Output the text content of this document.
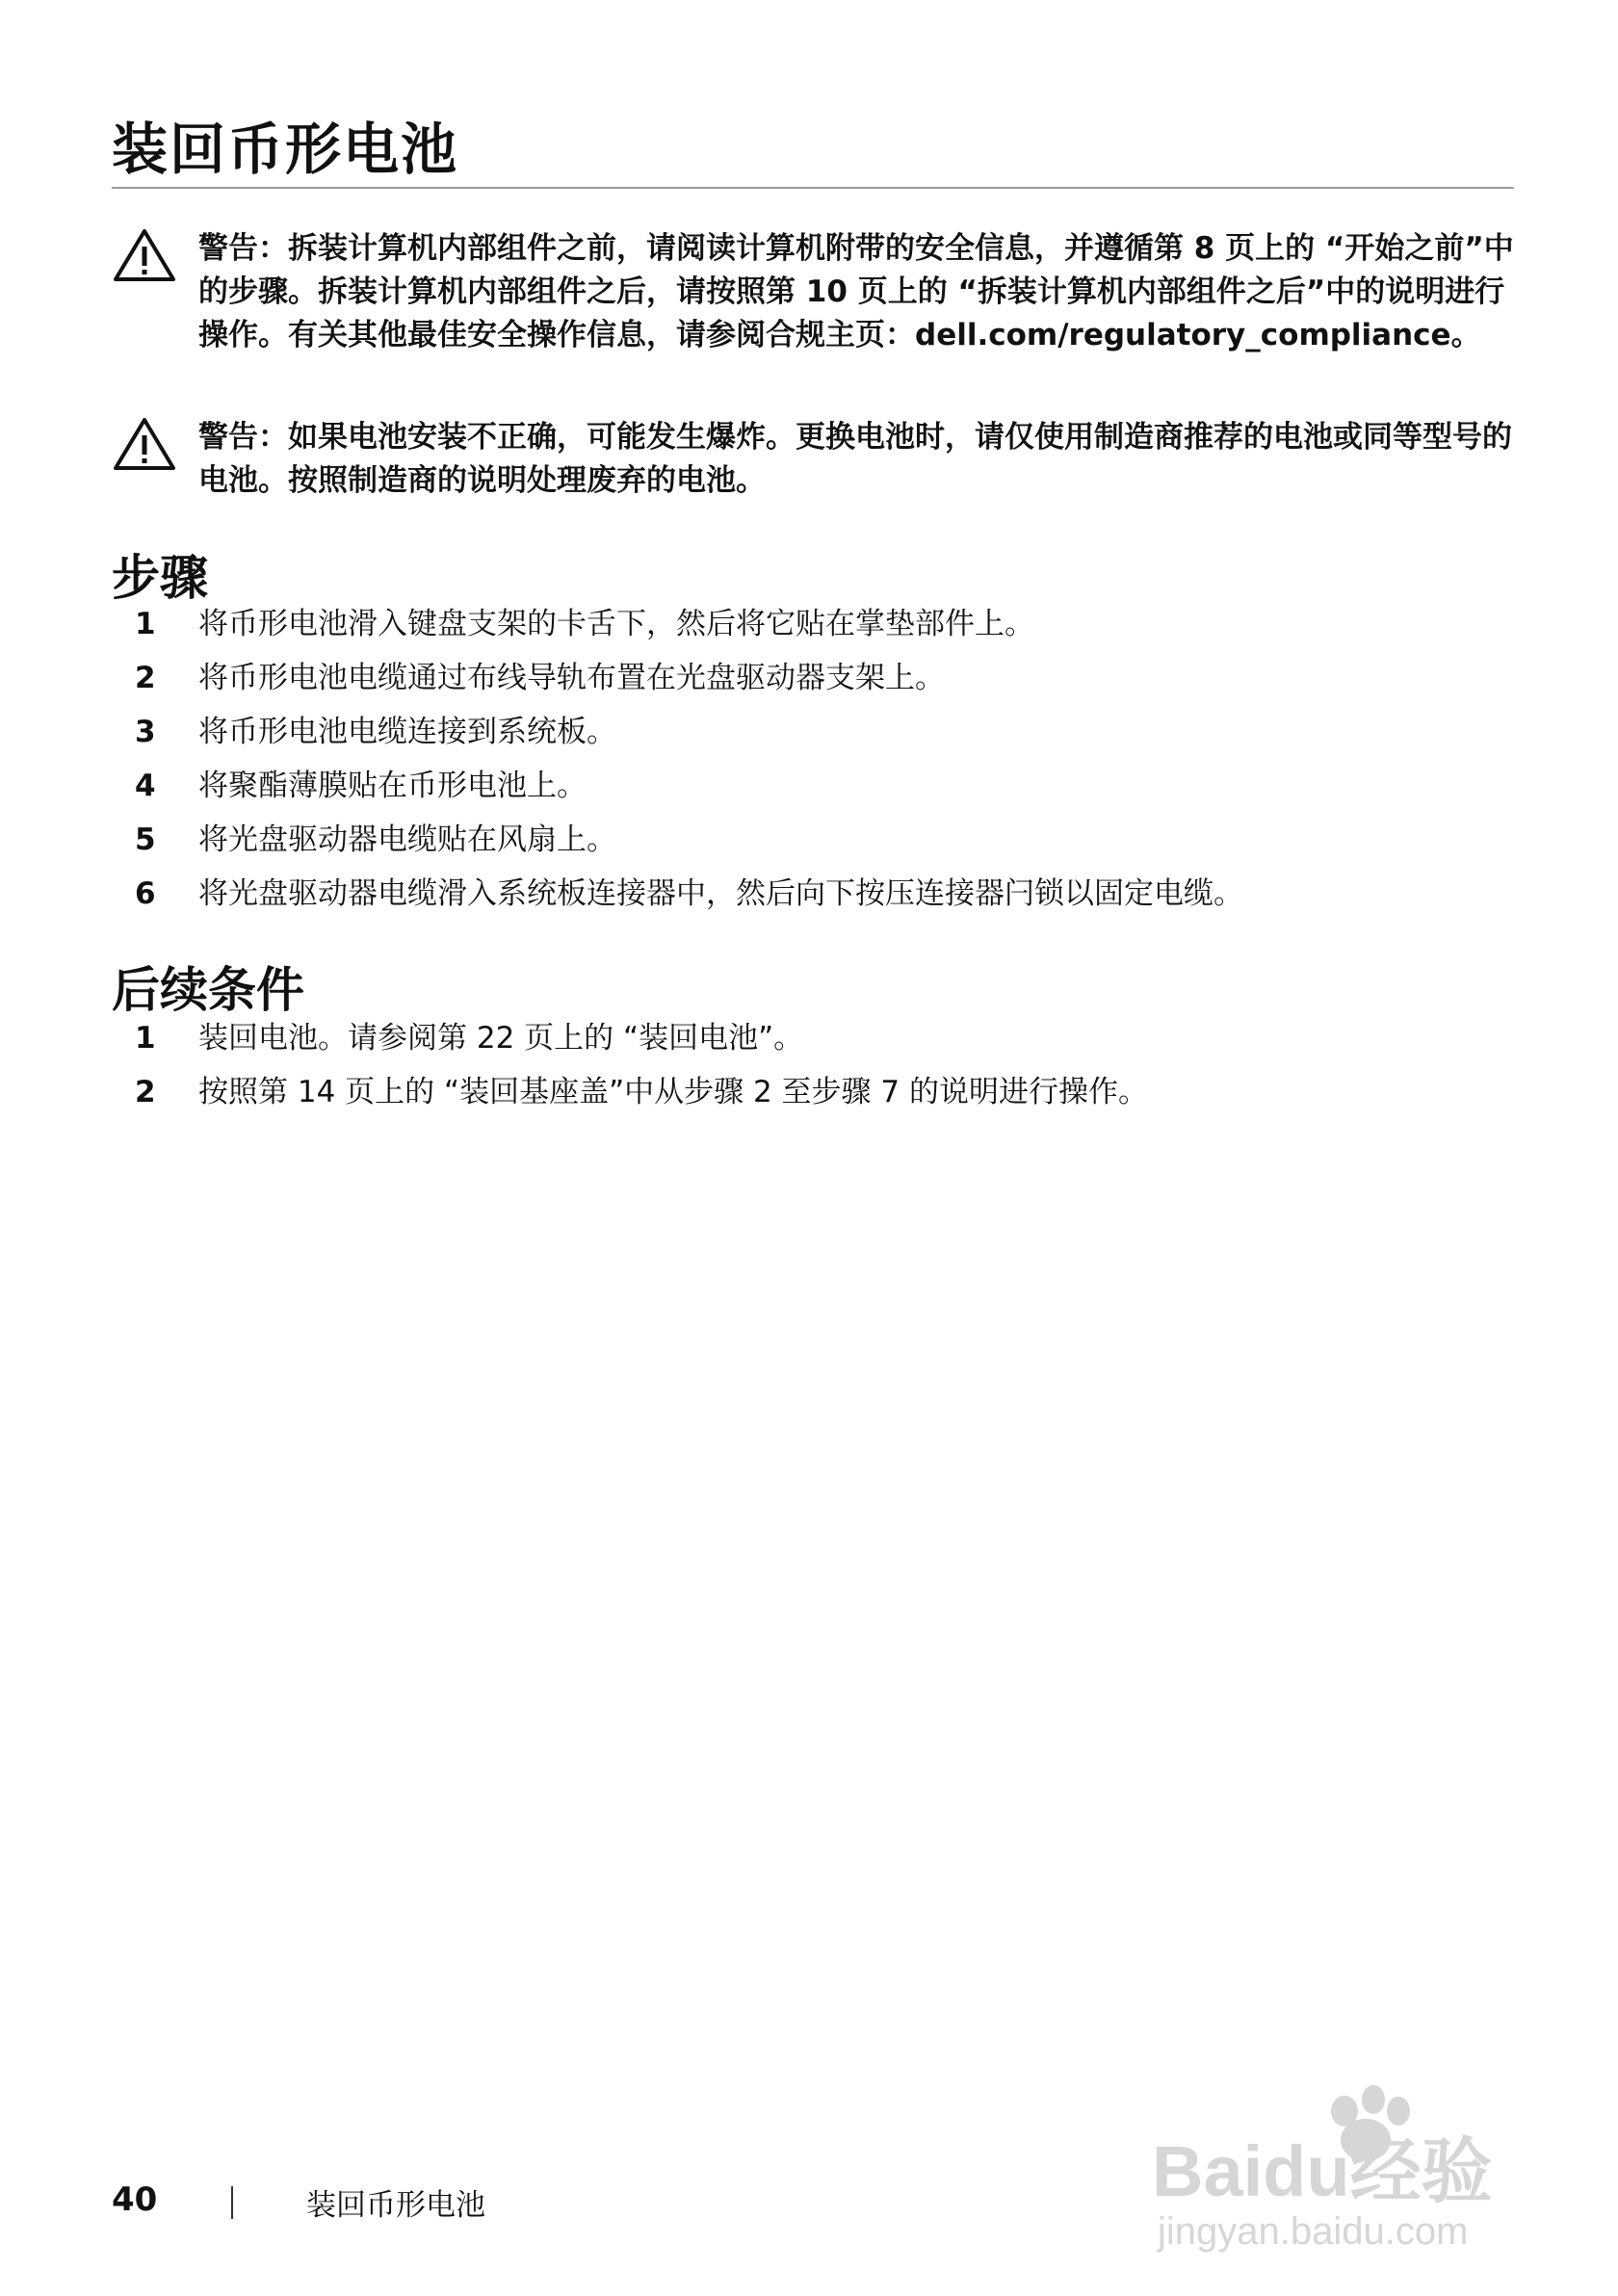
装回币形电池
警告：拆装计算机内部组件之前，请阅读计算机附带的安全信息，并遵循第 8 页上的 “开始之前”中的步骤。拆装计算机内部组件之后，请按照第 10 页上的 “拆装计算机内部组件之后”中的说明进行操作。有关其他最佳安全操作信息，请参阅合规主页：dell.com/regulatory_compliance。
警告：如果电池安装不正确，可能发生爆炸。更换电池时，请仅使用制造商推荐的电池或同等型号的电池。按照制造商的说明处理废弃的电池。
步骤
1 将币形电池滑入键盘支架的卡舌下，然后将它贴在掌垫部件上。
2 将币形电池电缆通过布线导轨布置在光盘驱动器支架上。
3 将币形电池电缆连接到系统板。
4 将聚酯薄膜贴在币形电池上。
5 将光盘驱动器电缆贴在风扇上。
6 将光盘驱动器电缆滑入系统板连接器中，然后向下按压连接器闩锁以固定电缆。
后续条件
1 装回电池。请参阅第 22 页上的 “装回电池”。
2 按照第 14 页上的 “装回基座盖”中从步骤 2 至步骤 7 的说明进行操作。
40	装回币形电池	Baidu经验
jingyan.baidu.com
